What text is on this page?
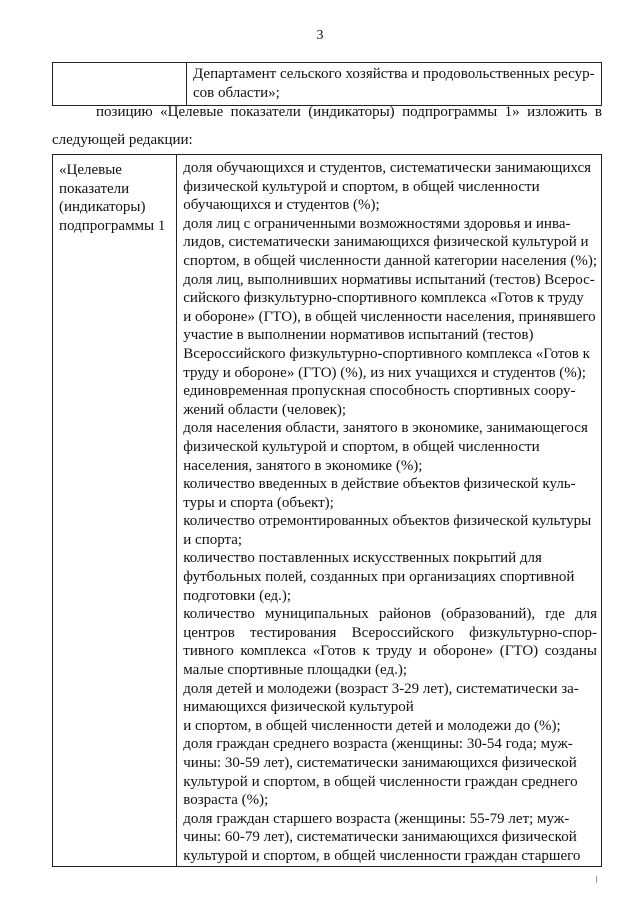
3

Департамент сельского хозяйства и продовольственных ресур-
сов области»;
позицию «Целевые показатели (индикаторы) подпрограммы 1» изложить в
следующей редакции:
«Целевые
показатели
(индикаторы)
подпрограммы 1

доля обучающихся и студентов, систематически занимающихся
физической культурой и спортом, в общей численности
обучающихся и студентов (%);
доля лиц с ограниченными возможностями здоровья и инва-
лидов, систематически занимающихся физической культурой и
спортом, в общей численности данной категории населения (%);
доля лиц, выполнивших нормативы испытаний (тестов) Всерос-
сийского физкультурно-спортивного комплекса «Готов к труду
и обороне» (ГТО), в общей численности населения, принявшего
участие в выполнении нормативов испытаний (тестов)
Всероссийского физкультурно-спортивного комплекса «Готов к
труду и обороне» (ГТО) (%), из них учащихся и студентов (%);
единовременная пропускная способность спортивных соору-
жений области (человек);
доля населения области, занятого в экономике, занимающегося
физической культурой и спортом, в общей численности
населения, занятого в экономике (%);
количество введенных в действие объектов физической куль-
туры и спорта (объект);
количество отремонтированных объектов физической культуры
и спорта;
количество поставленных искусственных покрытий для
футбольных полей, созданных при организациях спортивной
подготовки (ед.);
количество муниципальных районов (образований), где для
центров тестирования Всероссийского физкультурно-спор-
тивного комплекса «Готов к труду и обороне» (ГТО) созданы
малые спортивные площадки (ед.);
доля детей и молодежи (возраст 3-29 лет), систематически за-
нимающихся физической культурой
и спортом, в общей численности детей и молодежи до (%);
доля граждан среднего возраста (женщины: 30-54 года; муж-
чины: 30-59 лет), систематически занимающихся физической
культурой и спортом, в общей численности граждан среднего
возраста (%);
доля граждан старшего возраста (женщины: 55-79 лет; муж-
чины: 60-79 лет), систематически занимающихся физической
культурой и спортом, в общей численности граждан старшего
